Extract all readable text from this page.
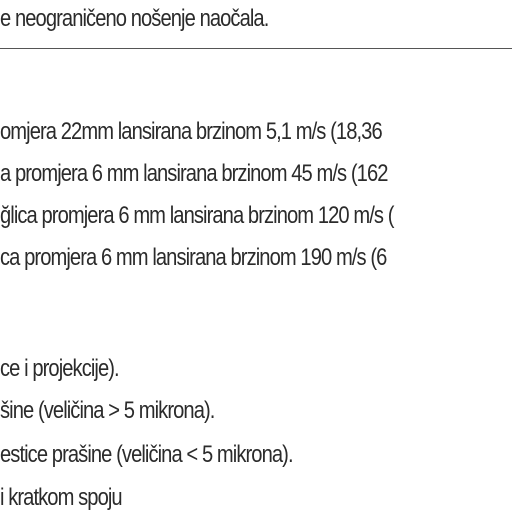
e neograničeno nošenje naočala.
omjera 22mm lansirana brzinom 5,1 m/s (18,36
a promjera 6 mm lansirana brzinom 45 m/s (162
ğlica promjera 6 mm lansirana brzinom 120 m/s (
ca promjera 6 mm lansirana brzinom 190 m/s (6
ce i projekcije).
šine (veličina > 5 mikrona).
estice prašine (veličina < 5 mikrona).
i kratkom spoju
